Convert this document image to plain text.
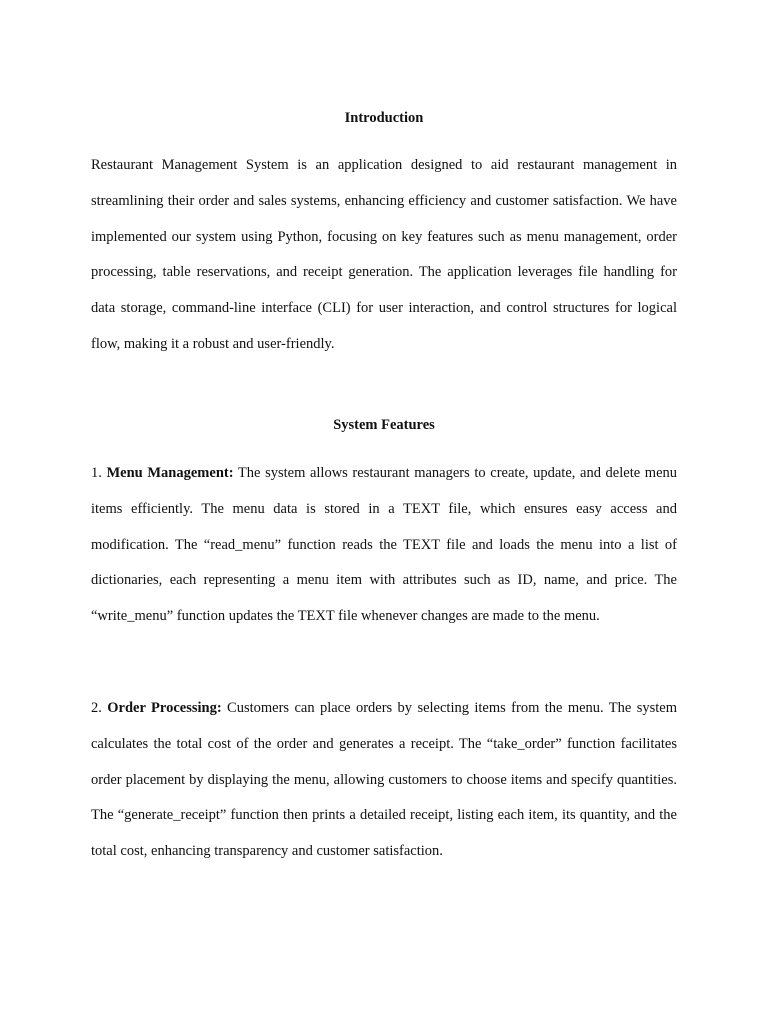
Introduction

Restaurant Management System is an application designed to aid restaurant management in streamlining their order and sales systems, enhancing efficiency and customer satisfaction. We have implemented our system using Python, focusing on key features such as menu management, order processing, table reservations, and receipt generation. The application leverages file handling for data storage, command-line interface (CLI) for user interaction, and control structures for logical flow, making it a robust and user-friendly.

System Features

1. Menu Management: The system allows restaurant managers to create, update, and delete menu items efficiently. The menu data is stored in a TEXT file, which ensures easy access and modification. The “read_menu” function reads the TEXT file and loads the menu into a list of dictionaries, each representing a menu item with attributes such as ID, name, and price. The “write_menu” function updates the TEXT file whenever changes are made to the menu.

2. Order Processing: Customers can place orders by selecting items from the menu. The system calculates the total cost of the order and generates a receipt. The “take_order” function facilitates order placement by displaying the menu, allowing customers to choose items and specify quantities. The “generate_receipt” function then prints a detailed receipt, listing each item, its quantity, and the total cost, enhancing transparency and customer satisfaction.
